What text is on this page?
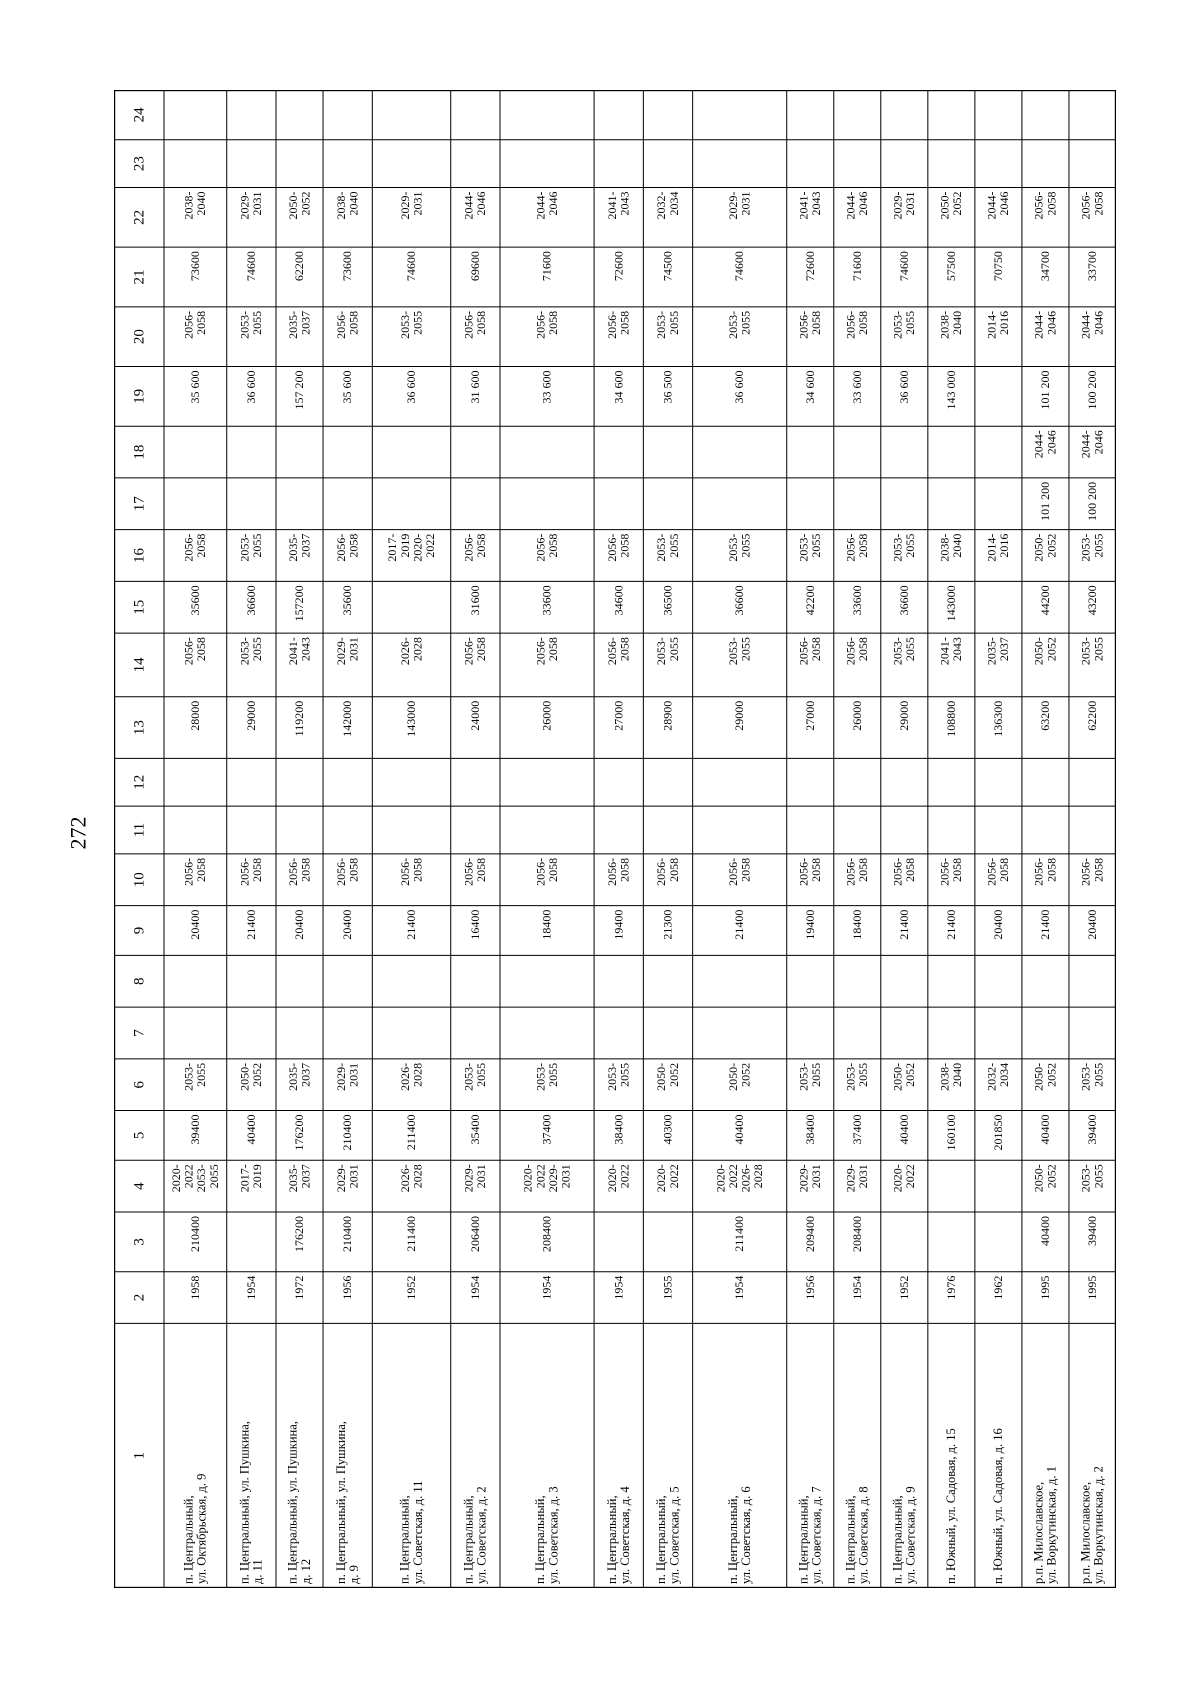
272
1
2
3
4
5
6
7
8
9
10
11
12
13
14
15
16
17
18
19
20
21
22
23
24
п. Центральный, ул. Октябрьская, д. 9
1958
210400
2020-
2022
2053-
2055
39400
2053-
2055
20400
2056-
2058
28000
2056-
2058
35600
2056-
2058
35 600
2056-
2058
73600
2038-
2040
п. Центральный, ул. Пушкина, д. 11
1954
2017-
2019
40400
2050-
2052
21400
2056-
2058
29000
2053-
2055
36600
2053-
2055
36 600
2053-
2055
74600
2029-
2031
п. Центральный, ул. Пушкина, д. 12
1972
176200
2035-
2037
176200
2035-
2037
20400
2056-
2058
119200
2041-
2043
157200
2035-
2037
157 200
2035-
2037
62200
2050-
2052
п. Центральный, ул. Пушкина, д. 9
1956
210400
2029-
2031
210400
2029-
2031
20400
2056-
2058
142000
2029-
2031
35600
2056-
2058
35 600
2056-
2058
73600
2038-
2040
п. Центральный, ул. Советская, д. 11
1952
211400
2026-
2028
211400
2026-
2028
21400
2056-
2058
143000
2026-
2028
2017-
2019
2020-
2022
36 600
2053-
2055
74600
2029-
2031
п. Центральный, ул. Советская, д. 2
1954
206400
2029-
2031
35400
2053-
2055
16400
2056-
2058
24000
2056-
2058
31600
2056-
2058
31 600
2056-
2058
69600
2044-
2046
п. Центральный, ул. Советская, д. 3
1954
208400
2020-
2022
2029-
2031
37400
2053-
2055
18400
2056-
2058
26000
2056-
2058
33600
2056-
2058
33 600
2056-
2058
71600
2044-
2046
п. Центральный, ул. Советская, д. 4
1954
2020-
2022
38400
2053-
2055
19400
2056-
2058
27000
2056-
2058
34600
2056-
2058
34 600
2056-
2058
72600
2041-
2043
п. Центральный, ул. Советская, д. 5
1955
2020-
2022
40300
2050-
2052
21300
2056-
2058
28900
2053-
2055
36500
2053-
2055
36 500
2053-
2055
74500
2032-
2034
п. Центральный, ул. Советская, д. 6
1954
211400
2020-
2022
2026-
2028
40400
2050-
2052
21400
2056-
2058
29000
2053-
2055
36600
2053-
2055
36 600
2053-
2055
74600
2029-
2031
п. Центральный, ул. Советская, д. 7
1956
209400
2029-
2031
38400
2053-
2055
19400
2056-
2058
27000
2056-
2058
42200
2053-
2055
34 600
2056-
2058
72600
2041-
2043
п. Центральный, ул. Советская, д. 8
1954
208400
2029-
2031
37400
2053-
2055
18400
2056-
2058
26000
2056-
2058
33600
2056-
2058
33 600
2056-
2058
71600
2044-
2046
п. Центральный, ул. Советская, д. 9
1952
2020-
2022
40400
2050-
2052
21400
2056-
2058
29000
2053-
2055
36600
2053-
2055
36 600
2053-
2055
74600
2029-
2031
п. Южный, ул. Садовая, д. 15
1976
160100
2038-
2040
21400
2056-
2058
108800
2041-
2043
143000
2038-
2040
143 000
2038-
2040
57500
2050-
2052
п. Южный, ул. Садовая, д. 16
1962
201850
2032-
2034
20400
2056-
2058
136300
2035-
2037
2014-
2016
2014-
2016
70750
2044-
2046
р.п. Милославское, ул. Воркутинская, д. 1
1995
40400
2050-
2052
40400
2050-
2052
21400
2056-
2058
63200
2050-
2052
44200
2050-
2052
101 200
2044-
2046
101 200
2044-
2046
34700
2056-
2058
р.п. Милославское, ул. Воркутинская, д. 2
1995
39400
2053-
2055
39400
2053-
2055
20400
2056-
2058
62200
2053-
2055
43200
2053-
2055
100 200
2044-
2046
100 200
2044-
2046
33700
2056-
2058
